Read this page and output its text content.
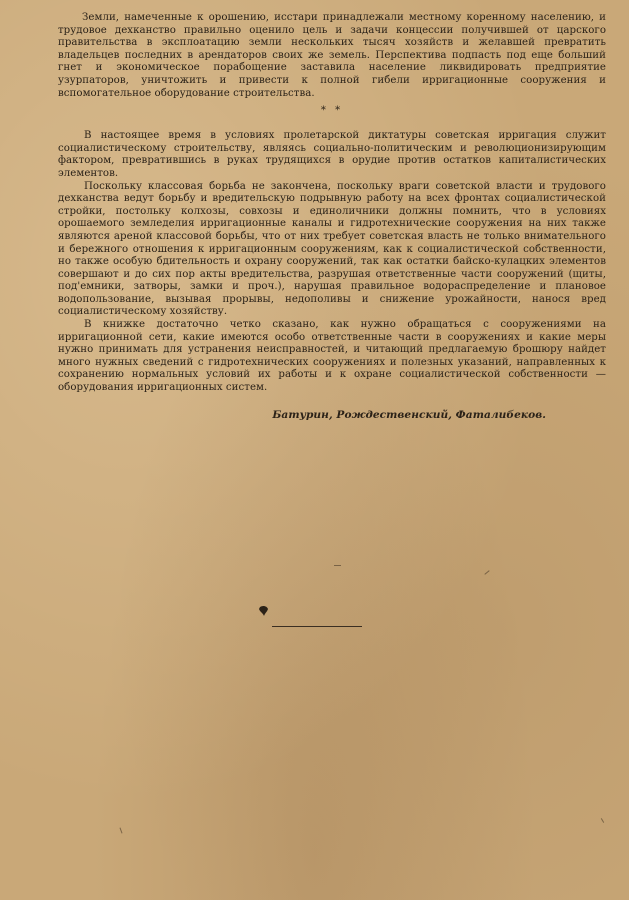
Земли, намеченные к орошению, исстари принадлежали местному коренному населению, и трудовое дехканство правильно оценило цель и задачи концессии получившей от царского правительства в эксплоатацию земли нескольких тысяч хозяйств и желавшей превратить владельцев последних в арендаторов своих же земель. Перспектива подпасть под еще больший гнет и экономическое порабощение заставила население ликвидировать предприятие узурпаторов, уничтожить и привести к полной гибели ирригационные сооружения и вспомогательное оборудование строительства.

* *

В настоящее время в условиях пролетарской диктатуры советская ирригация служит социалистическому строительству, являясь социально-политическим и революционизирующим фактором, превратившись в руках трудящихся в орудие против остатков капиталистических элементов.

Поскольку классовая борьба не закончена, поскольку враги советской власти и трудового дехканства ведут борьбу и вредительскую подрывную работу на всех фронтах социалистической стройки, постольку колхозы, совхозы и единоличники должны помнить, что в условиях орошаемого земледелия ирригационные каналы и гидротехнические сооружения на них также являются ареной классовой борьбы, что от них требует советская власть не только внимательного и бережного отношения к ирригационным сооружениям, как к социалистической собственности, но также особую бдительность и охрану сооружений, так как остатки байско-кулацких элементов совершают и до сих пор акты вредительства, разрушая ответственные части сооружений (щиты, под'емники, затворы, замки и проч.), нарушая правильное водораспределение и плановое водопользование, вызывая прорывы, недополивы и снижение урожайности, нанося вред социалистическому хозяйству.

В книжке достаточно четко сказано, как нужно обращаться с сооружениями на ирригационной сети, какие имеются особо ответственные части в сооружениях и какие меры нужно принимать для устранения неисправностей, и читающий предлагаемую брошюру найдет много нужных сведений с гидротехнических сооружениях и полезных указаний, направленных к сохранению нормальных условий их работы и к охране социалистической собственности — оборудования ирригационных систем.

Батурин, Рождественский, Фаталибеков.
